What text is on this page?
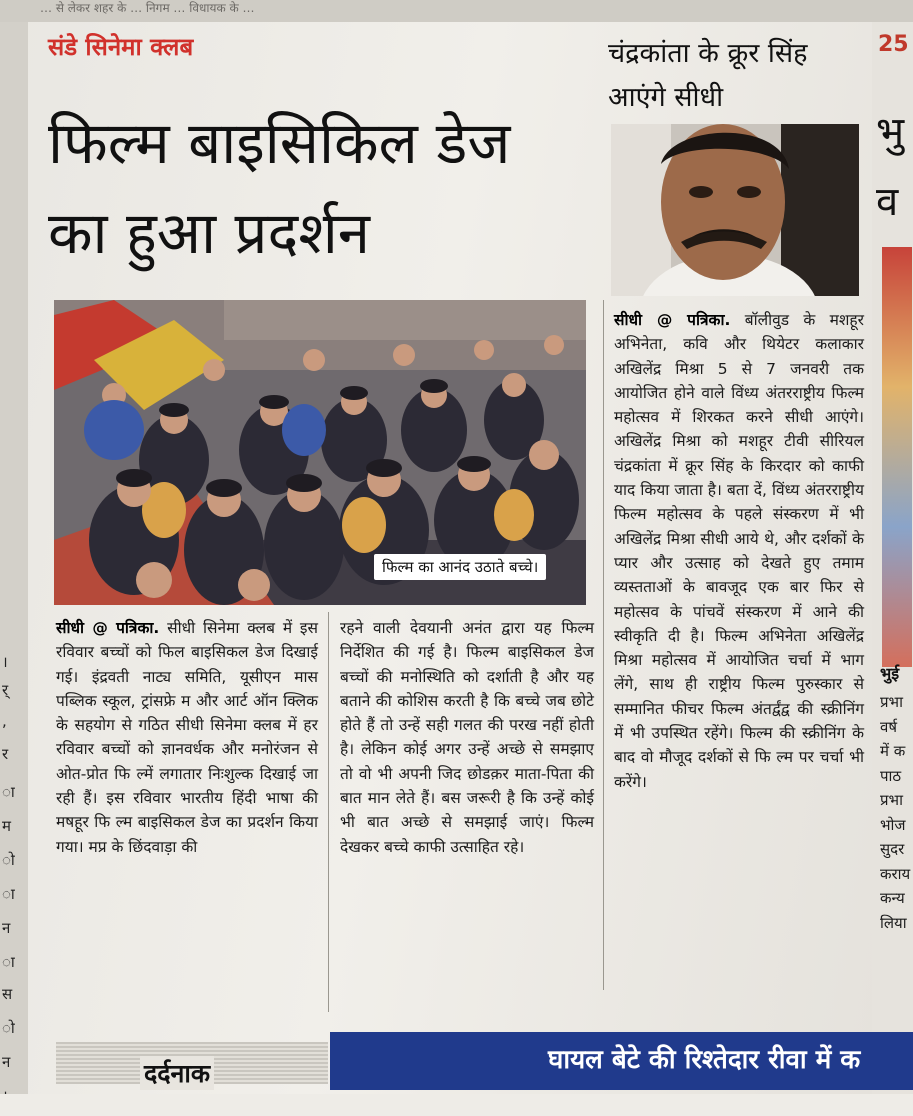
… से लेकर शहर के … निगम … विधायक के …
।
र्
,
र
ा
म
ो
ा
न
ा
स
ो
न
संडे सिनेमा क्लब
फिल्म बाइसिकिल डेज
का हुआ प्रदर्शन
फिल्म का आनंद उठाते बच्चे।
सीधी @ पत्रिका. सीधी सिनेमा क्लब में इस रविवार बच्चों को फिल बाइसिकल डेज दिखाई गई। इंद्रवती नाट्य समिति, यूसीएन मास पब्लिक स्कूल, ट्रांसफ्रे म और आर्ट ऑन क्लिक के सहयोग से गठित सीधी सिनेमा क्लब में हर रविवार बच्चों को ज्ञानवर्धक और मनोरंजन से ओत-प्रोत फि ल्में लगातार निःशुल्क दिखाई जा रही हैं। इस रविवार भारतीय हिंदी भाषा की मषहूर फि ल्म बाइसिकल डेज का प्रदर्शन किया गया। मप्र के छिंदवाड़ा की
रहने वाली देवयानी अनंत द्वारा यह फिल्म निर्देशित की गई है। फिल्म बाइसिकल डेज बच्चों की मनोस्थिति को दर्शाती है और यह बताने की कोशिस करती है कि बच्चे जब छोटे होते हैं तो उन्हें सही गलत की परख नहीं होती है। लेकिन कोई अगर उन्हें अच्छे से समझाए तो वो भी अपनी जिद छोडक़र माता-पिता की बात मान लेते हैं। बस जरूरी है कि उन्हें कोई भी बात अच्छे से समझाई जाएं। फिल्म देखकर बच्चे काफी उत्साहित रहे।
चंद्रकांता के क्रूर सिंह आएंगे सीधी
सीधी @ पत्रिका. बॉलीवुड के मशहूर अभिनेता, कवि और थियेटर कलाकार अखिलेंद्र मिश्रा 5 से 7 जनवरी तक आयोजित होने वाले विंध्य अंतरराष्ट्रीय फिल्म महोत्सव में शिरकत करने सीधी आएंगे। अखिलेंद्र मिश्रा को मशहूर टीवी सीरियल चंद्रकांता में क्रूर सिंह के किरदार को काफी याद किया जाता है। बता दें, विंध्य अंतरराष्ट्रीय फिल्म महोत्सव के पहले संस्करण में भी अखिलेंद्र मिश्रा सीधी आये थे, और दर्शकों के प्यार और उत्साह को देखते हुए तमाम व्यस्तताओं के बावजूद एक बार फिर से महोत्सव के पांचवें संस्करण में आने की स्वीकृति दी है। फिल्म अभिनेता अखिलेंद्र मिश्रा महोत्सव में आयोजित चर्चा में भाग लेंगे, साथ ही राष्ट्रीय फिल्म पुरुस्कार से सम्मानित फीचर फिल्म अंतर्द्वंद्व की स्क्रीनिंग में भी उपस्थित रहेंगे। फिल्म की स्क्रीनिंग के बाद वो मौजूद दर्शकों से फि ल्म पर चर्चा भी करेंगे।
25
भु
व
भुई
प्रभा
वर्ष
में क
पाठ
प्रभा
भोज
सुदर
कराय
कन्य
लिया
दर्दनाक	घायल बेटे की रिश्तेदार रीवा में क
